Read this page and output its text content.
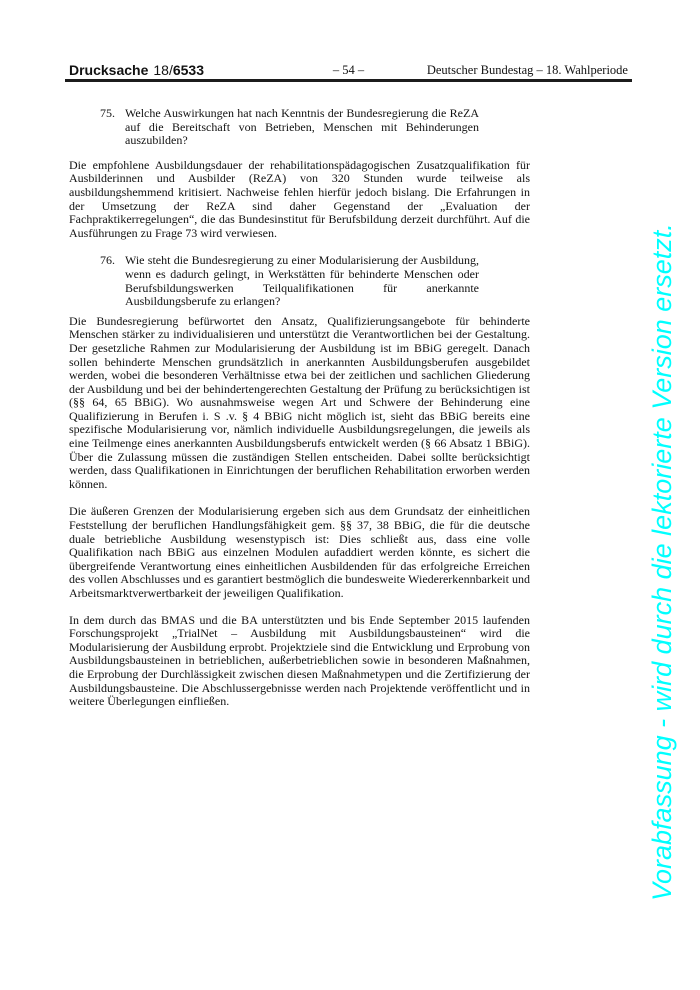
Drucksache 18/6533	– 54 –	Deutscher Bundestag – 18. Wahlperiode
75. Welche Auswirkungen hat nach Kenntnis der Bundesregierung die ReZA auf die Bereitschaft von Betrieben, Menschen mit Behinderungen auszubilden?

Die empfohlene Ausbildungsdauer der rehabilitationspädagogischen Zusatzqualifikation für Ausbilderinnen und Ausbilder (ReZA) von 320 Stunden wurde teilweise als ausbildungshemmend kritisiert. Nachweise fehlen hierfür jedoch bislang. Die Erfahrungen in der Umsetzung der ReZA sind daher Gegenstand der „Evaluation der Fachpraktikerregelungen“, die das Bundesinstitut für Berufsbildung derzeit durchführt. Auf die Ausführungen zu Frage 73 wird verwiesen.

76. Wie steht die Bundesregierung zu einer Modularisierung der Ausbildung, wenn es dadurch gelingt, in Werkstätten für behinderte Menschen oder Berufsbildungswerken Teilqualifikationen für anerkannte Ausbildungsberufe zu erlangen?

Die Bundesregierung befürwortet den Ansatz, Qualifizierungsangebote für behinderte Menschen stärker zu individualisieren und unterstützt die Verantwortlichen bei der Gestaltung. Der gesetzliche Rahmen zur Modularisierung der Ausbildung ist im BBiG geregelt. Danach sollen behinderte Menschen grundsätzlich in anerkannten Ausbildungsberufen ausgebildet werden, wobei die besonderen Verhältnisse etwa bei der zeitlichen und sachlichen Gliederung der Ausbildung und bei der behindertengerechten Gestaltung der Prüfung zu berücksichtigen ist (§§ 64, 65 BBiG). Wo ausnahmsweise wegen Art und Schwere der Behinderung eine Qualifizierung in Berufen i. S .v. § 4 BBiG nicht möglich ist, sieht das BBiG bereits eine spezifische Modularisierung vor, nämlich individuelle Ausbildungsregelungen, die jeweils als eine Teilmenge eines anerkannten Ausbildungsberufs entwickelt werden (§ 66 Absatz 1 BBiG). Über die Zulassung müssen die zuständigen Stellen entscheiden. Dabei sollte berücksichtigt werden, dass Qualifikationen in Einrichtungen der beruflichen Rehabilitation erworben werden können.

Die äußeren Grenzen der Modularisierung ergeben sich aus dem Grundsatz der einheitlichen Feststellung der beruflichen Handlungsfähigkeit gem. §§ 37, 38 BBiG, die für die deutsche duale betriebliche Ausbildung wesenstypisch ist: Dies schließt aus, dass eine volle Qualifikation nach BBiG aus einzelnen Modulen aufaddiert werden könnte, es sichert die übergreifende Verantwortung eines einheitlichen Ausbildenden für das erfolgreiche Erreichen des vollen Abschlusses und es garantiert bestmöglich die bundesweite Wiedererkennbarkeit und Arbeitsmarktverwertbarkeit der jeweiligen Qualifikation.

In dem durch das BMAS und die BA unterstützten und bis Ende September 2015 laufenden Forschungsprojekt „TrialNet – Ausbildung mit Ausbildungsbausteinen“ wird die Modularisierung der Ausbildung erprobt. Projektziele sind die Entwicklung und Erprobung von Ausbildungsbausteinen in betrieblichen, außerbetrieblichen sowie in besonderen Maßnahmen, die Erprobung der Durchlässigkeit zwischen diesen Maßnahmetypen und die Zertifizierung der Ausbildungsbausteine. Die Abschlussergebnisse werden nach Projektende veröffentlicht und in weitere Überlegungen einfließen.	Vorabfassung - wird durch die lektorierte Version ersetzt.
